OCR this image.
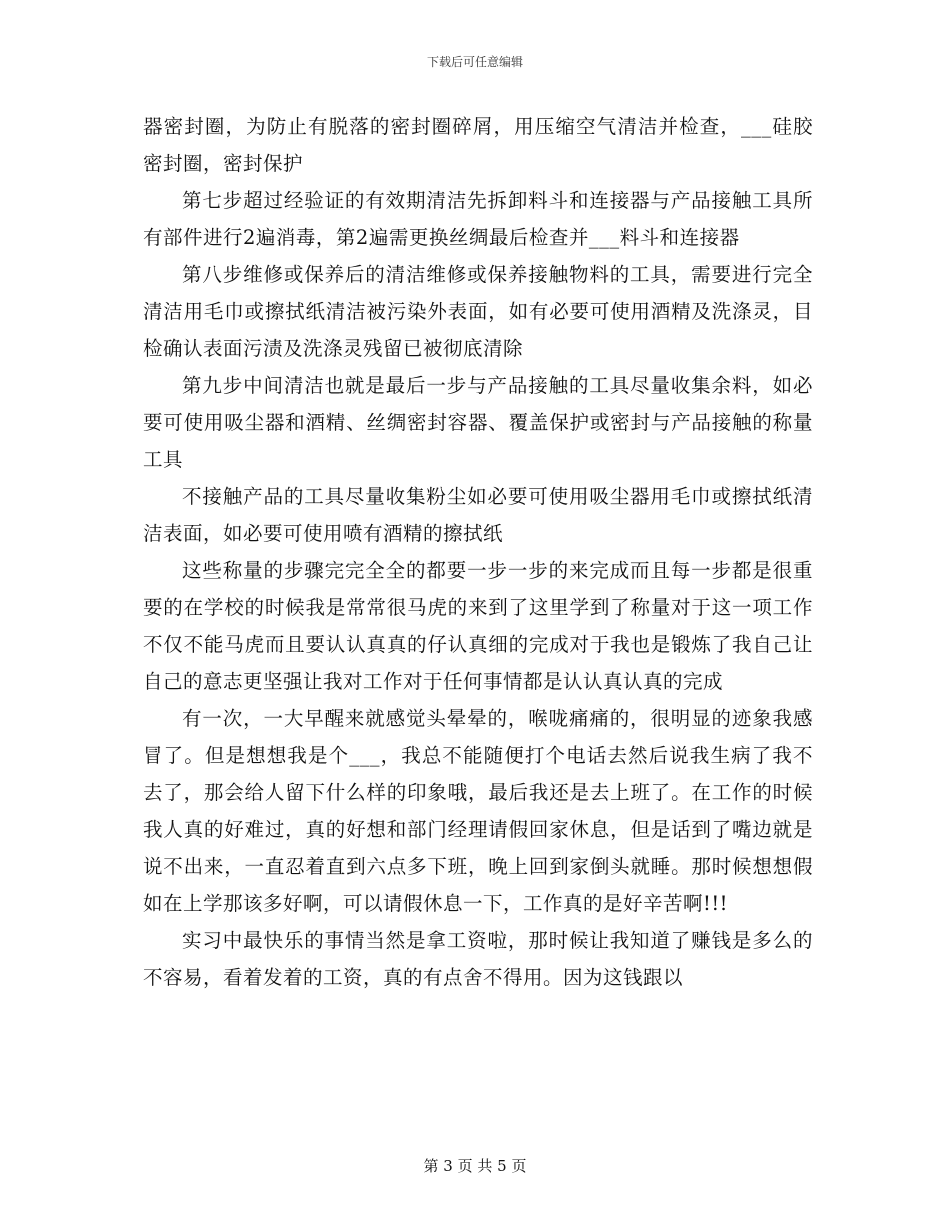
下载后可任意编辑

器密封圈，为防止有脱落的密封圈碎屑，用压缩空气清洁并检查，___硅胶密封圈，密封保护

第七步超过经验证的有效期清洁先拆卸料斗和连接器与产品接触工具所有部件进行2遍消毒，第2遍需更换丝绸最后检查并___料斗和连接器

第八步维修或保养后的清洁维修或保养接触物料的工具，需要进行完全清洁用毛巾或擦拭纸清洁被污染外表面，如有必要可使用酒精及洗涤灵，目检确认表面污渍及洗涤灵残留已被彻底清除

第九步中间清洁也就是最后一步与产品接触的工具尽量收集余料，如必要可使用吸尘器和酒精、丝绸密封容器、覆盖保护或密封与产品接触的称量工具

不接触产品的工具尽量收集粉尘如必要可使用吸尘器用毛巾或擦拭纸清洁表面，如必要可使用喷有酒精的擦拭纸

这些称量的步骤完完全全的都要一步一步的来完成而且每一步都是很重要的在学校的时候我是常常很马虎的来到了这里学到了称量对于这一项工作不仅不能马虎而且要认认真真的仔认真细的完成对于我也是锻炼了我自己让自己的意志更坚强让我对工作对于任何事情都是认认真认真的完成

有一次，一大早醒来就感觉头晕晕的，喉咙痛痛的，很明显的迹象我感冒了。但是想想我是个___，我总不能随便打个电话去然后说我生病了我不去了，那会给人留下什么样的印象哦，最后我还是去上班了。在工作的时候我人真的好难过，真的好想和部门经理请假回家休息，但是话到了嘴边就是说不出来，一直忍着直到六点多下班，晚上回到家倒头就睡。那时候想想假如在上学那该多好啊，可以请假休息一下，工作真的是好辛苦啊!!!

实习中最快乐的事情当然是拿工资啦，那时候让我知道了赚钱是多么的不容易，看着发着的工资，真的有点舍不得用。因为这钱跟以

第 3 页 共 5 页
